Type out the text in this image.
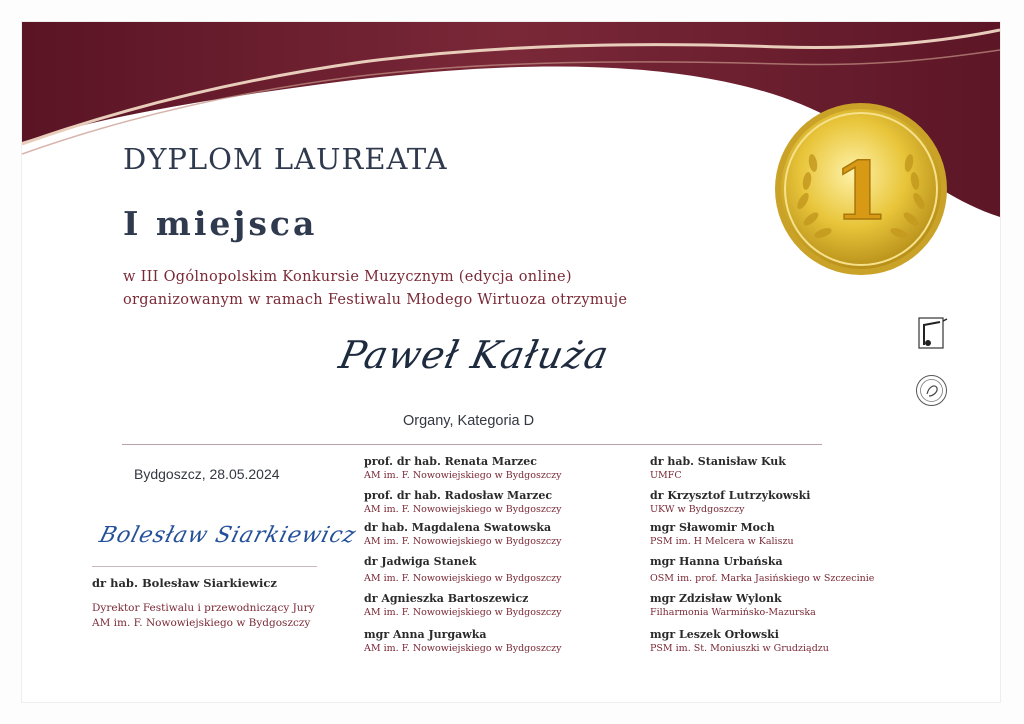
1
DYPLOM LAUREATA
I miejsca
w III Ogólnopolskim Konkursie Muzycznym (edycja online)
organizowanym w ramach Festiwalu Młodego Wirtuoza otrzymuje
Paweł Kałuża
Organy, Kategoria D
Bydgoszcz, 28.05.2024
Bolesław Siarkiewicz
dr hab. Bolesław Siarkiewicz
Dyrektor Festiwalu i przewodniczący Jury
AM im. F. Nowowiejskiego w Bydgoszczy
prof. dr hab. Renata Marzec
AM im. F. Nowowiejskiego w Bydgoszczy
prof. dr hab. Radosław Marzec
AM im. F. Nowowiejskiego w Bydgoszczy
dr hab. Magdalena Swatowska
AM im. F. Nowowiejskiego w Bydgoszczy
dr Jadwiga Stanek
AM im. F. Nowowiejskiego w Bydgoszczy
dr Agnieszka Bartoszewicz
AM im. F. Nowowiejskiego w Bydgoszczy
mgr Anna Jurgawka
AM im. F. Nowowiejskiego w Bydgoszczy
dr hab. Stanisław Kuk
UMFC
dr Krzysztof Lutrzykowski
UKW w Bydgoszczy
mgr Sławomir Moch
PSM im. H Melcera w Kaliszu
mgr Hanna Urbańska
OSM im. prof. Marka Jasińskiego w Szczecinie
mgr Zdzisław Wylonk
Filharmonia Warmińsko-Mazurska
mgr Leszek Orłowski
PSM im. St. Moniuszki w Grudziądzu
